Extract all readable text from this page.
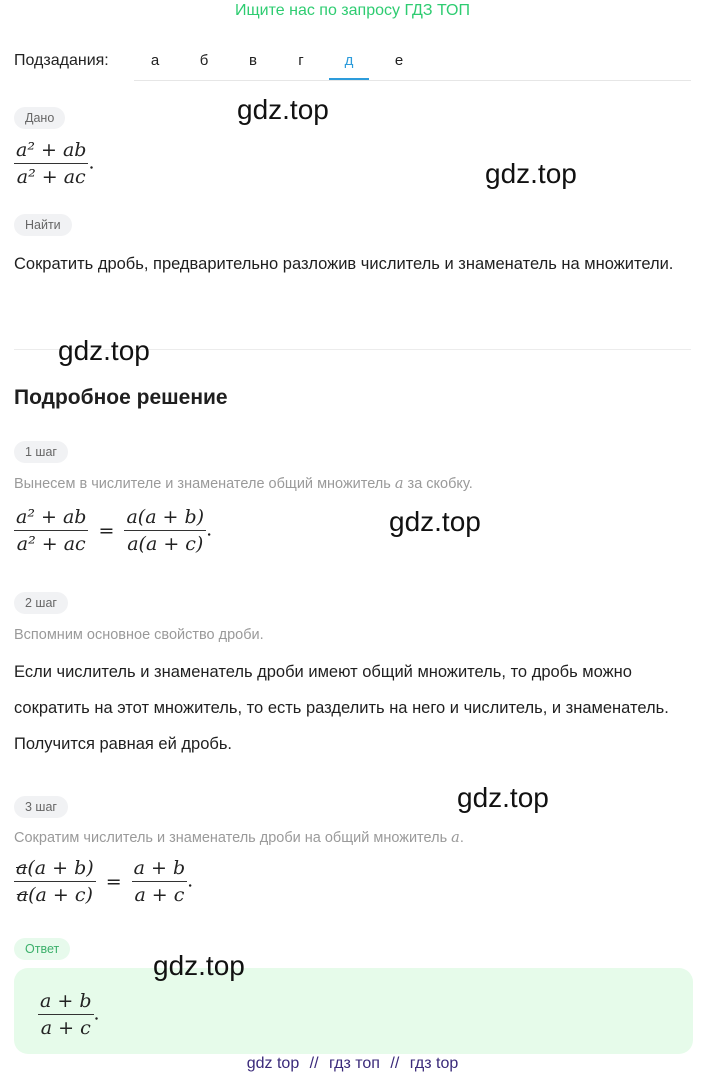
Ищите нас по запросу ГДЗ ТОП
Подзадания:	а	б	в	г	д	е
Дано
$\frac{\text{a² + ab}}{\text{a² + ac}}$ .
Найти
Сократить дробь, предварительно разложив числитель и знаменатель на множители.
Подробное решение
1 шаг
Вынесем в числителе и знаменателе общий множитель a за скобку.
$\frac{\text{a² + ab}}{\text{a² + ac}} = \frac{a(a + b)}{a(a + c)}$ .
2 шаг
Вспомним основное свойство дроби.
Если числитель и знаменатель дроби имеют общий множитель, то дробь можно сократить на этот множитель, то есть разделить на него и числитель, и знаменатель. Получится равная ей дробь.
3 шаг
Сократим числитель и знаменатель дроби на общий множитель a.
$\frac{a(a + b)}{a(a + c)} = \frac{a + b}{a + c}$ .
Ответ
$\frac{a + b}{a + c}$ .
gdz.top
gdz.top
gdz.top
gdz.top
gdz.top
gdz.top
gdz top // гдз топ // гдз top
